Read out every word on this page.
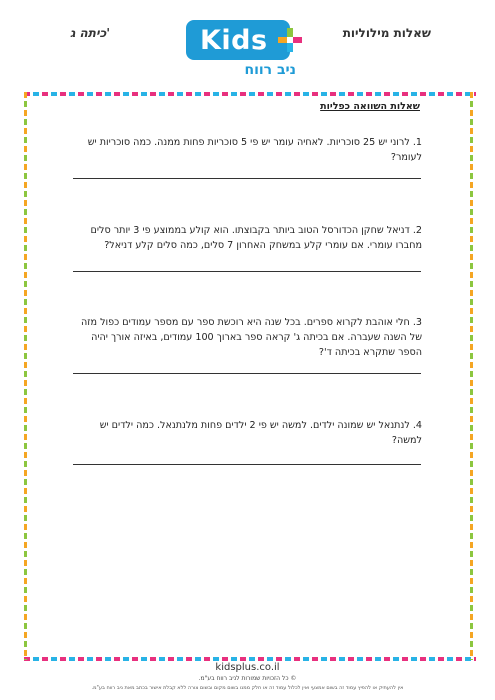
כיתה ג'	שאלות מילוליות
Kids
ניב רווח
שאלות השוואה כפליות
1. לרוני יש 25 סוכריות. לאחיה עומר יש פי 5 סוכריות פחות ממנה. כמה סוכריות יש לעומר?
2. דניאל שחקן הכדורסל הטוב ביותר בקבוצתו. הוא קולע בממוצע פי 3 יותר סלים מחברו עומרי. אם עומרי קלע במשחק האחרון 7 סלים, כמה סלים קלע דניאל?
3. חלי אוהבת לקרוא ספרים. בכל שנה היא רוכשת ספר עם מספר עמודים כפול מזה של השנה שעברה. אם בכיתה ג' קראה ספר בארוך 100 עמודים, באיזה אורך יהיה הספר שתקרא בכיתה ד'?
4. לנתנאל יש שמונה ילדים. למשה יש פי 2 ילדים פחות מלנתנאל. כמה ילדים יש למשה?
kidsplus.co.il
© כל הזכויות שמורות לניב רווח בע"מ.
אין להעתיק או להפיץ עמוד זה בשום אמצעי ואין לכלול עמוד זה או חלק ממנו בשום מקום ובשום צורה ללא קבלת אישור בכתב מאת ניב רווח בע"מ.
